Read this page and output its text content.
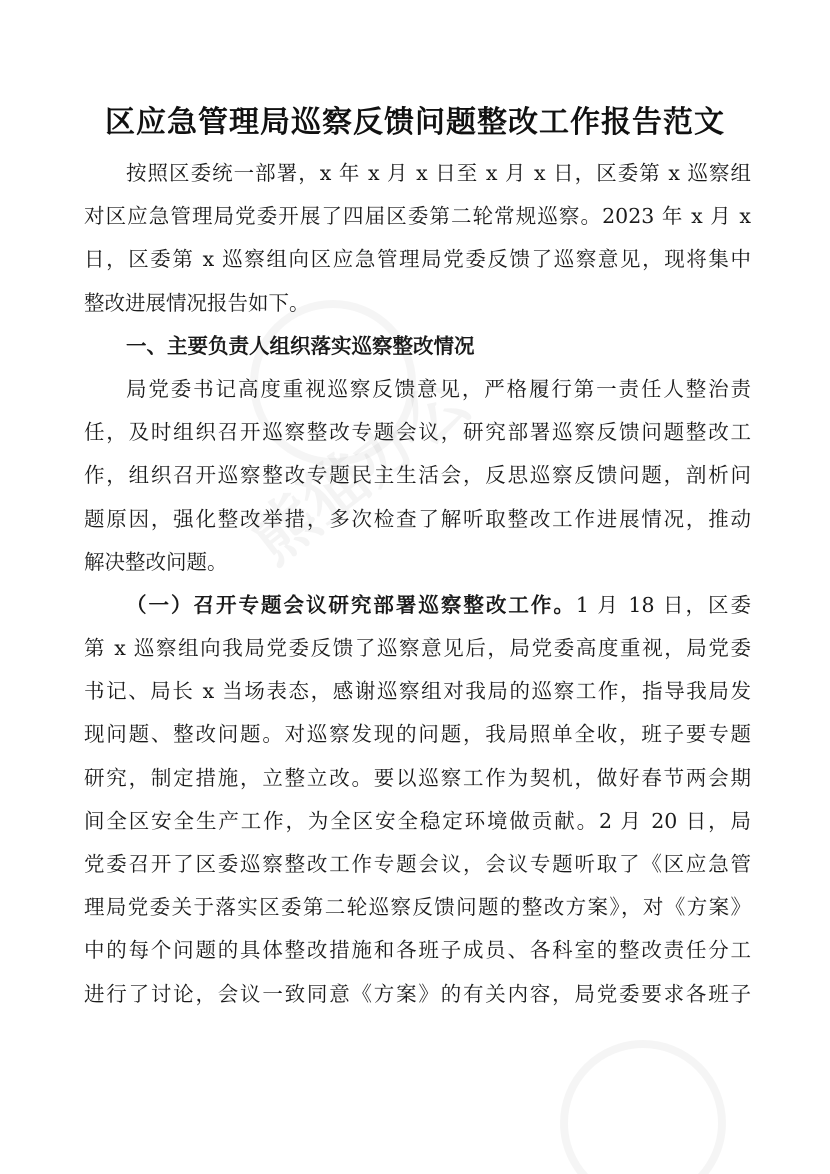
区应急管理局巡察反馈问题整改工作报告范文

按照区委统一部署，x 年 x 月 x 日至 x 月 x 日，区委第 x 巡察组

对区应急管理局党委开展了四届区委第二轮常规巡察。2023 年 x 月 x

日，区委第 x 巡察组向区应急管理局党委反馈了巡察意见，现将集中

整改进展情况报告如下。

一、主要负责人组织落实巡察整改情况

局党委书记高度重视巡察反馈意见，严格履行第一责任人整治责

任，及时组织召开巡察整改专题会议，研究部署巡察反馈问题整改工

作，组织召开巡察整改专题民主生活会，反思巡察反馈问题，剖析问

题原因，强化整改举措，多次检查了解听取整改工作进展情况，推动

解决整改问题。

（一）召开专题会议研究部署巡察整改工作。1 月 18 日，区委

第 x 巡察组向我局党委反馈了巡察意见后，局党委高度重视，局党委

书记、局长 x 当场表态，感谢巡察组对我局的巡察工作，指导我局发

现问题、整改问题。对巡察发现的问题，我局照单全收，班子要专题

研究，制定措施，立整立改。要以巡察工作为契机，做好春节两会期

间全区安全生产工作，为全区安全稳定环境做贡献。2 月 20 日，局

党委召开了区委巡察整改工作专题会议，会议专题听取了《区应急管

理局党委关于落实区委第二轮巡察反馈问题的整改方案》，对《方案》

中的每个问题的具体整改措施和各班子成员、各科室的整改责任分工

进行了讨论，会议一致同意《方案》的有关内容，局党委要求各班子
